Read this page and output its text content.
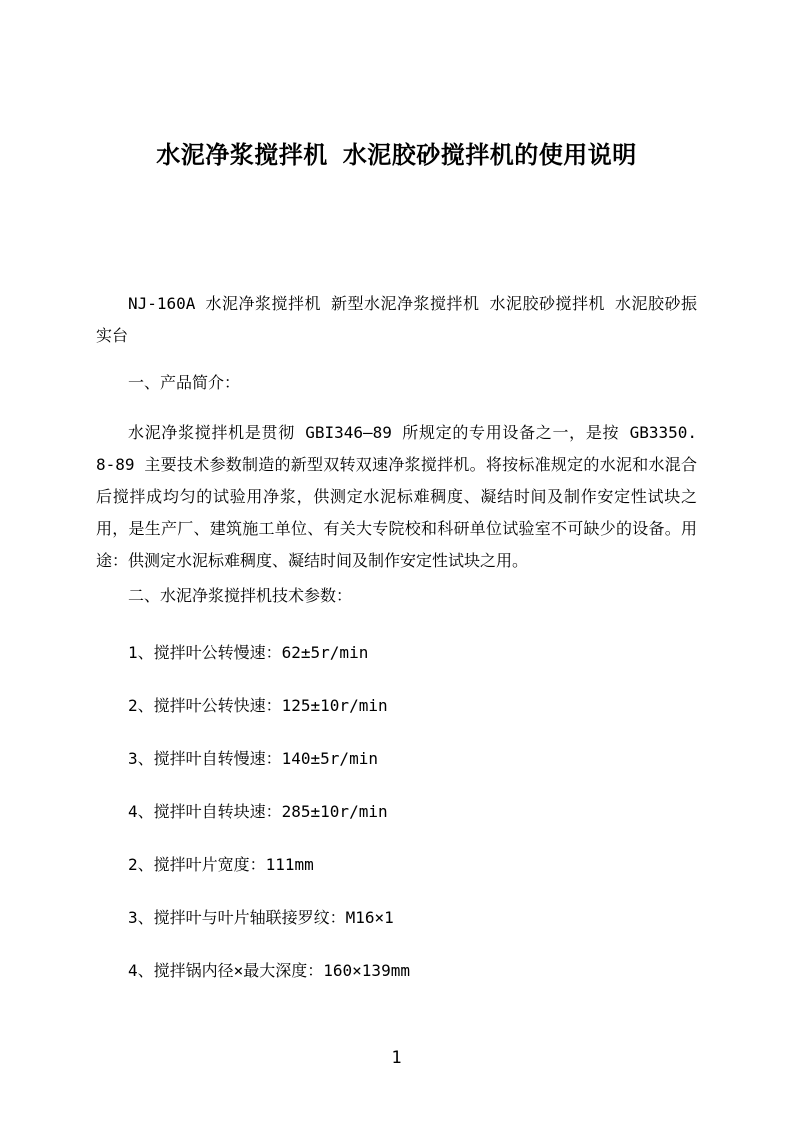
水泥净浆搅拌机 水泥胶砂搅拌机的使用说明

NJ-160A 水泥净浆搅拌机 新型水泥净浆搅拌机 水泥胶砂搅拌机 水泥胶砂振实台

一、产品简介：

水泥净浆搅拌机是贯彻 GBI346—89 所规定的专用设备之一，是按 GB3350. 8-89 主要技术参数制造的新型双转双速净浆搅拌机。将按标准规定的水泥和水混合后搅拌成均匀的试验用净浆，供测定水泥标难稠度、凝结时间及制作安定性试块之用，是生产厂、建筑施工单位、有关大专院校和科研单位试验室不可缺少的设备。用途：供测定水泥标难稠度、凝结时间及制作安定性试块之用。

二、水泥净浆搅拌机技术参数：

1、搅拌叶公转慢速：62±5r/min

2、搅拌叶公转快速：125±10r/min

3、搅拌叶自转慢速：140±5r/min

4、搅拌叶自转块速：285±10r/min

2、搅拌叶片宽度：111mm

3、搅拌叶与叶片轴联接罗纹：M16×1

4、搅拌锅内径×最大深度：160×139mm

1
